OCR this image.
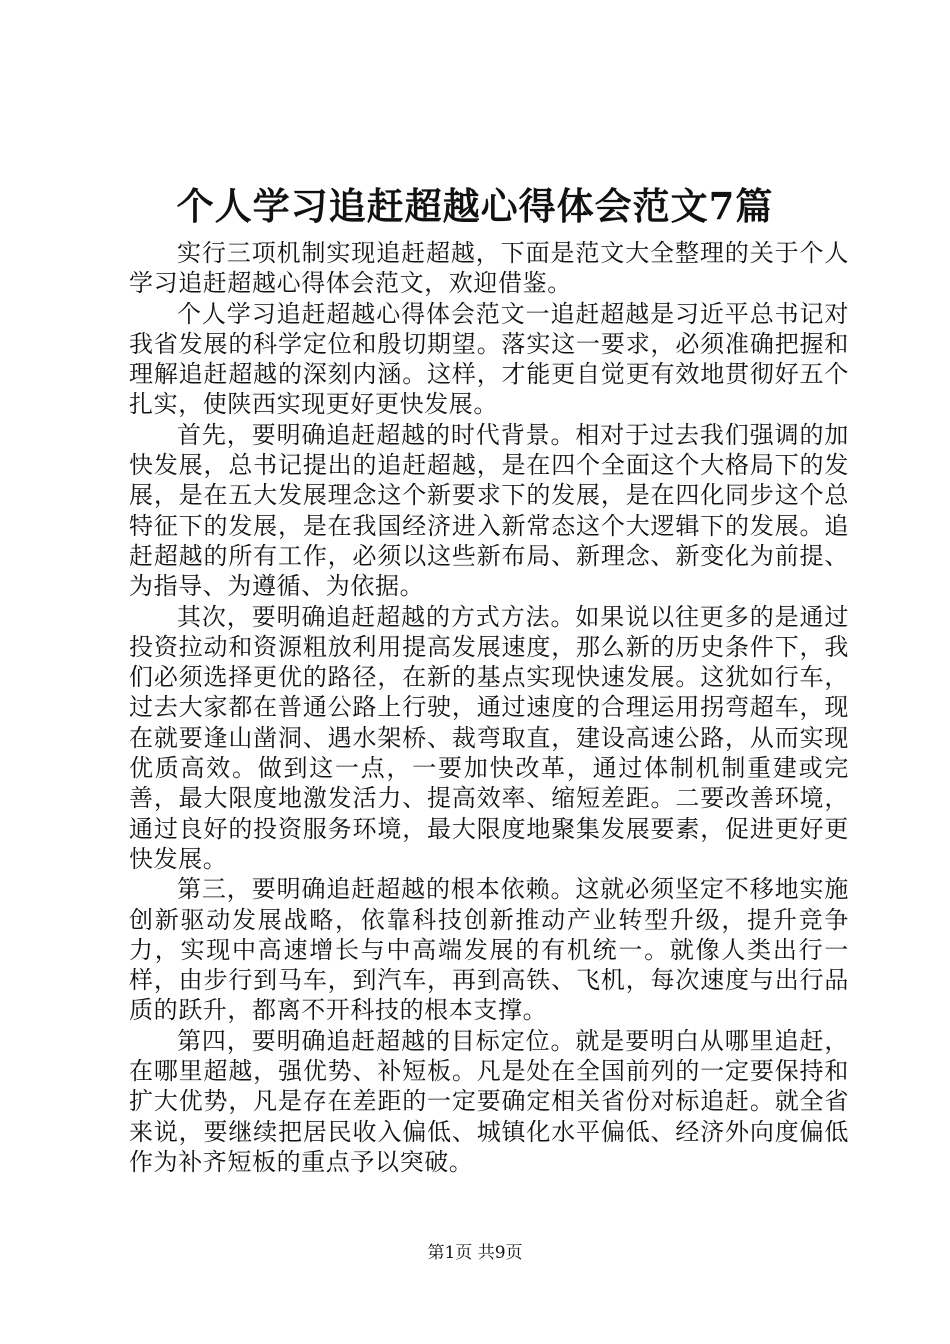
个人学习追赶超越心得体会范文7篇

实行三项机制实现追赶超越，下面是范文大全整理的关于个人学习追赶超越心得体会范文，欢迎借鉴。

个人学习追赶超越心得体会范文一追赶超越是习近平总书记对我省发展的科学定位和殷切期望。落实这一要求，必须准确把握和理解追赶超越的深刻内涵。这样，才能更自觉更有效地贯彻好五个扎实，使陕西实现更好更快发展。

首先，要明确追赶超越的时代背景。相对于过去我们强调的加快发展，总书记提出的追赶超越，是在四个全面这个大格局下的发展，是在五大发展理念这个新要求下的发展，是在四化同步这个总特征下的发展，是在我国经济进入新常态这个大逻辑下的发展。追赶超越的所有工作，必须以这些新布局、新理念、新变化为前提、为指导、为遵循、为依据。

其次，要明确追赶超越的方式方法。如果说以往更多的是通过投资拉动和资源粗放利用提高发展速度，那么新的历史条件下，我们必须选择更优的路径，在新的基点实现快速发展。这犹如行车，过去大家都在普通公路上行驶，通过速度的合理运用拐弯超车，现在就要逢山凿洞、遇水架桥、裁弯取直，建设高速公路，从而实现优质高效。做到这一点，一要加快改革，通过体制机制重建或完善，最大限度地激发活力、提高效率、缩短差距。二要改善环境，通过良好的投资服务环境，最大限度地聚集发展要素，促进更好更快发展。

第三，要明确追赶超越的根本依赖。这就必须坚定不移地实施创新驱动发展战略，依靠科技创新推动产业转型升级，提升竞争力，实现中高速增长与中高端发展的有机统一。就像人类出行一样，由步行到马车，到汽车，再到高铁、飞机，每次速度与出行品质的跃升，都离不开科技的根本支撑。

第四，要明确追赶超越的目标定位。就是要明白从哪里追赶，在哪里超越，强优势、补短板。凡是处在全国前列的一定要保持和扩大优势，凡是存在差距的一定要确定相关省份对标追赶。就全省来说，要继续把居民收入偏低、城镇化水平偏低、经济外向度偏低作为补齐短板的重点予以突破。

第1页 共9页
